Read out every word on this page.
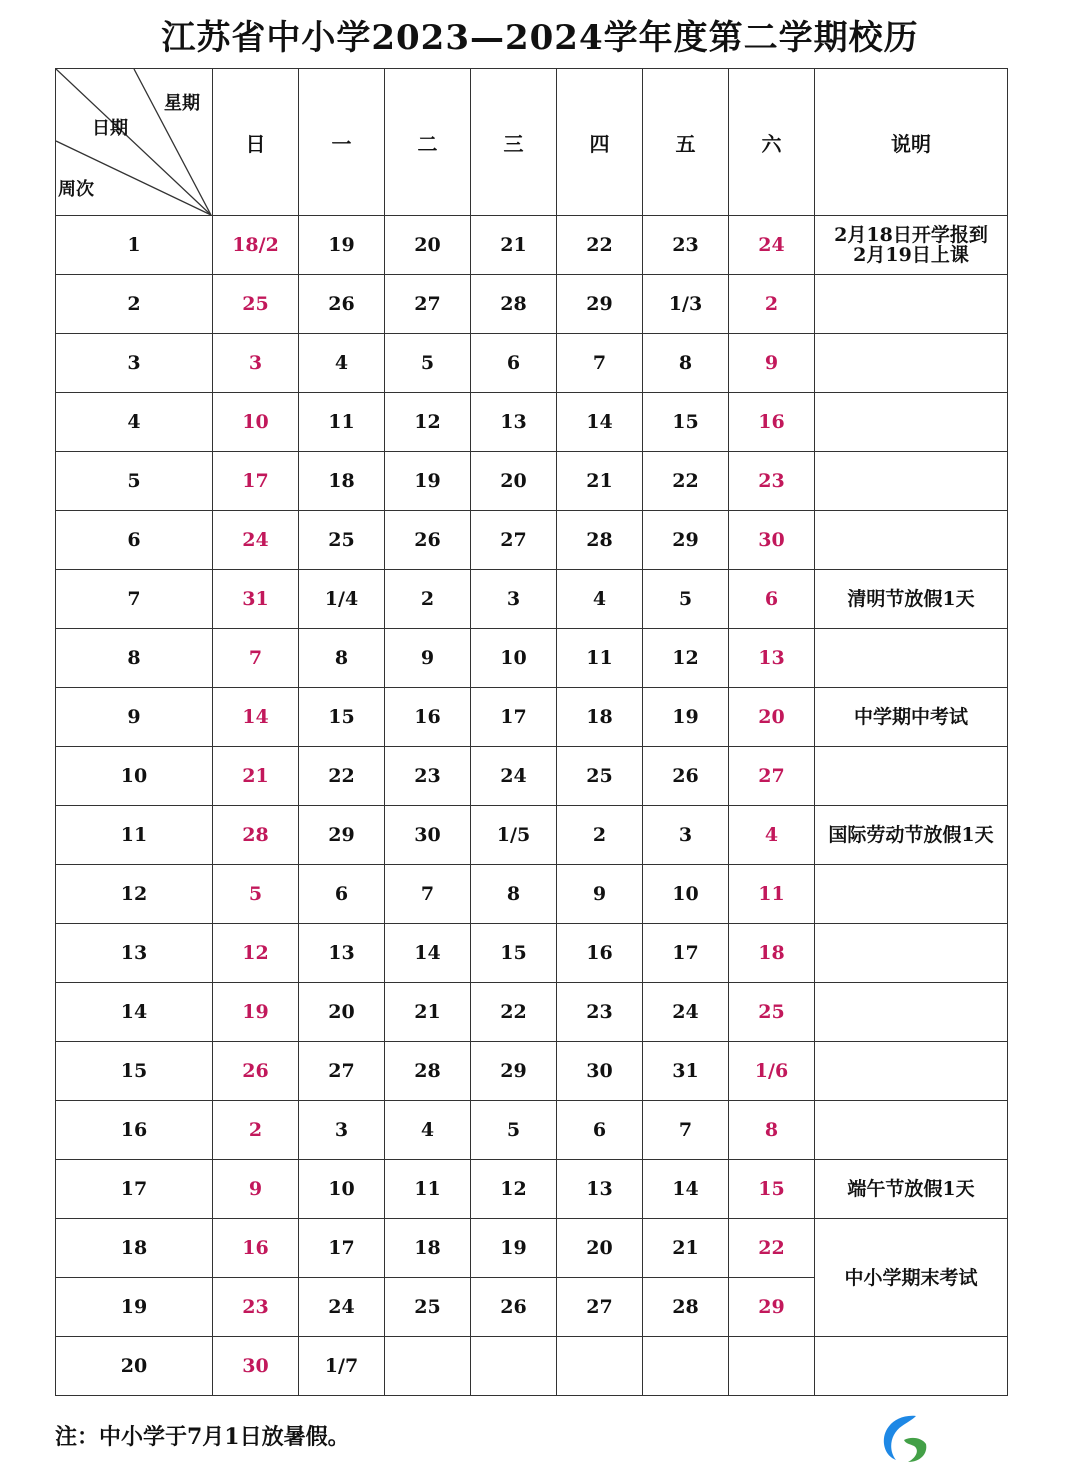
江苏省中小学2023—2024学年度第二学期校历
星期
日期
周次	日	一	二	三	四	五	六	说明
1	18/2	19	20	21	22	23	24	2月18日开学报到
2月19日上课

2	25	26	27	28	29	1/3	2	
3	3	4	5	6	7	8	9	
4	10	11	12	13	14	15	16	
5	17	18	19	20	21	22	23	
6	24	25	26	27	28	29	30	
7	31	1/4	2	3	4	5	6	清明节放假1天

8	7	8	9	10	11	12	13	
9	14	15	16	17	18	19	20	中学期中考试

10	21	22	23	24	25	26	27	
11	28	29	30	1/5	2	3	4	国际劳动节放假1天

12	5	6	7	8	9	10	11	
13	12	13	14	15	16	17	18	
14	19	20	21	22	23	24	25	
15	26	27	28	29	30	31	1/6	
16	2	3	4	5	6	7	8	
17	9	10	11	12	13	14	15	端午节放假1天

18	16	17	18	19	20	21	22	中小学期末考试

19	23	24	25	26	27	28	29	
20	30	1/7						

注：中小学于7月1日放暑假。
